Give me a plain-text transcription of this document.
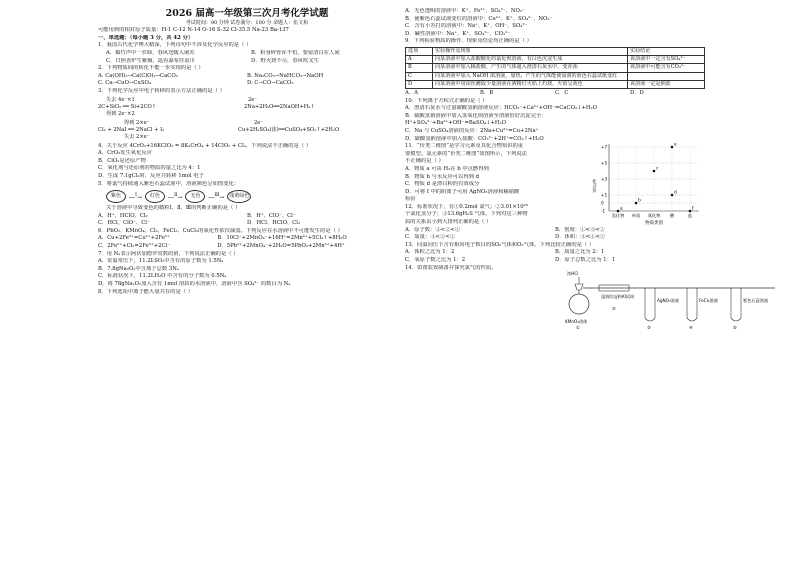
2026 届高一年级第三次月考化学试题
考试时间：90 分钟 试卷满分：100 分 命题人：伍文和
可能用到的相对原子质量：H-1 C-12 N-14 O-16 S-32 Cl-35.5 Na-23 Ba-137
一、单选题：（每小题 3 分，共 42 分）
1．我国古代化学博大精深，下列诗句中不涉及化学反应的是（ ）
A．爆竹声中一岁除，春风送暖入屠苏	B．粉身碎骨浑不怕，要留清白在人间
C．日照香炉生紫烟，遥看瀑布挂前川	D．野火烧不尽，春风吹又生
2．下列物质间的转化不能一步实现的是（ ）
A. Ca(OH)₂→Ca(ClO)₂→CaCO₃	B. Na₂CO₃→NaHCO₃→NaOH
C. Cu→CuO→CuSO₄	D. C→CO→CaCO₃
3．下列化学反应中电子转移的表示方法正确的是（ ）
失去 4e⁻×1
2C+SiO₂ ══ Si+2CO↑
得到 2e⁻×2
2e⁻
2Na+2H₂O══2NaOH+H₂↑
得到 2×e⁻
Cl₂ + 2NaI ══ 2NaCl + I₂
失去 2×e⁻
2e⁻
Cu+2H₂SO₄(浓)══CuSO₄+SO₂↑+2H₂O
4．关于反应 4CrO₃+16KClO₃ = 8K₂CrO₄ + 14ClO₂ + Cl₂，下列说法不正确的是（ ）
A．CrO₃发生氧化反应
B．ClO₂是还原产物
C．氧化剂与还原剂的物质的量之比为 4：1
D．生成 7.1gCl₂时，反应共转移 1mol 电子
5．将氯气持续通入紫色石蕊试液中，溶液颜色呈如图变化：
紫色	―$^Ⅰ$→	红色	―$^Ⅱ$→	无色	―$^Ⅲ$→ 浅黄绿色
关于溶液中导致变色的微粒Ⅰ、Ⅱ、Ⅲ的判断正确的是（ ）
A．H⁺、HClO、Cl₂	B．H⁺、ClO⁻、Cl⁻
C．HCl、ClO⁻、Cl⁻	D．HCl、HClO、Cl₂
6．PbO₂、KMnO₄、Cl₂、FeCl₃、CuCl₂的氧化性依次减弱。下列反应在水溶液中不可能发生的是（ ）
A．Cu+2Fe³⁺=Cu²⁺+2Fe²⁺	B．10Cl⁻+2MnO₄⁻+16H⁺=2Mn²⁺+5Cl₂↑+8H₂O
C．2Fe²⁺+Cl₂=2Fe³⁺+2Cl⁻	D．5Pb²⁺+2MnO₄⁻+2H₂O=5PbO₂+2Mn²⁺+4H⁺
7．用 Nₐ表示阿伏加德罗常数的值，下列说法正确的是（ ）
A．常温常压下，11.2LSO₂中含有的原子数为 1.5Nₐ
B．7.8gNa₂O₂中含离子总数 3Nₐ
C．标准状况下，11.2LH₂O 中含有的分子数为 0.5Nₐ
D．将 78gNa₂O₂加入含有 1mol 溶质的水溶液中，溶液中含 SO₄²⁻ 的数目为 Nₐ
8．下列选项中离子能大量共存的是（ ）
A．无色透明的溶液中：K⁺、Fe²⁺、SO₄²⁻、NO₃⁻
B．使紫色石蕊试液变红的溶液中：Cu²⁺、K⁺、SO₄²⁻、NO₃⁻
C．含有小苏打的溶液中：Na⁺、K⁺、OH⁻、SO₄²⁻
D．碱性溶液中：Na⁺、K⁺、SO₄²⁻、CO₃²⁻
9．下列检验物质的操作、现象及结论均正确的是（ ）
选项	实验操作及现象	实验结论
A	向某溶液中加入盐酸酸化的氯化钡溶液，有白色沉淀生成	该溶液中一定含有SO₄²⁻
B	向某溶液中加入稀盐酸，产生的气体通入澄清石灰水中，变浑浊	该溶液中可能含有CO₃²⁻
C	向某溶液中加入 NaOH 浓溶液，加热，产生的气体能使湿润的蓝色石蕊试纸变红	
D	向某溶液中用铂丝蘸取少量溶液在酒精灯火焰上灼烧，火焰呈黄色	该溶液一定是钠盐
A．A	B．B	C．C	D．D
10．下列离子方程式正确的是（ ）
A．澄清石灰水与过量碳酸氢钠溶液反应：HCO₃⁻+Ca²⁺+OH⁻=CaCO₃↓+H₂O
B．硫酸氢钠溶液中加入氢氧化钡溶液至溶液恰好沉淀完全：
H⁺+SO₄²⁻+Ba²⁺+OH⁻=BaSO₄↓+H₂O
C．Na 与 CuSO₄溶液的反应：2Na+Cu²⁺=Cu+2Na⁺
D．碳酸氢钠溶液中加入盐酸：CO₃²⁻+2H⁺=CO₂↑+H₂O
11．“价类二维图”是学习元素及其化合物知识的重
要模型。氯元素的“价类二维图”如图所示，下列说法
不正确的是（ ）
A．物质 a 可由 H₂在 b 中点燃得到
B．物质 b 与水反应可以得到 d
C．物质 d 是漂白粉的有效成分
D．可将 f 中的阴离子可用 AgNO₃溶液和稀硝酸
检验
12．标准状况下，有①0.2mol 氯气；②3.01×10²³
个氯化氢分子；③13.6gH₂S 气体，下列对这三种物
质的关系由小到大排列正确的是（ ）
化合价
+7
+5
+3
+1
0
-1
氢化物 单质 氧化物 酸	盐
物质类别
a
b
c
d
e
f
A．原子数：③<②<①	B．密度：①<③<②
C．质量：③<②<①	D．体积：③<①<②
13．同温同压下含有相同电子数目的SO₂气体和O₂气体，下列比较正确的是（ ）
A．体积之比为 1：2	B．质量之比为 2：1
C．氧原子数之比为 1：2	D．原子总数之比为 1：1
14．如图装置制备并探究氯气的性质。
浓HCl
KMnO₄固体
①
湿润的淀粉KI试纸
②
AgNO₃溶液
③
FeCl₂溶液
④
紫色石蕊溶液
⑤
